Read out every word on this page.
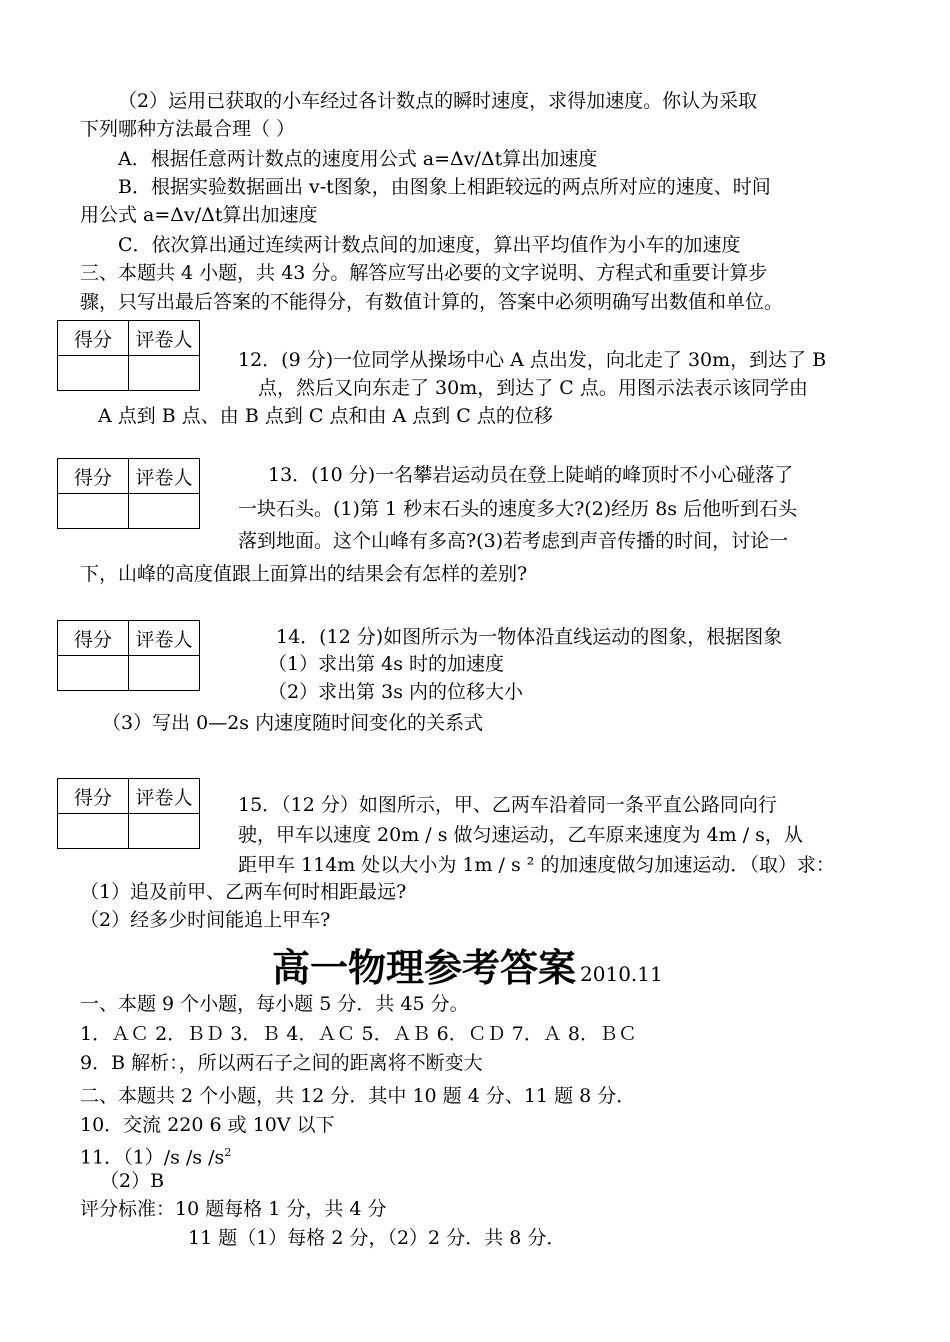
（2）运用已获取的小车经过各计数点的瞬时速度，求得加速度。你认为采取
下列哪种方法最合理（ ）
A．根据任意两计数点的速度用公式 a=Δv/Δt算出加速度
B．根据实验数据画出 v-t图象，由图象上相距较远的两点所对应的速度、时间
用公式 a=Δv/Δt算出加速度
C．依次算出通过连续两计数点间的加速度，算出平均值作为小车的加速度
三、本题共 4 小题，共 43 分。解答应写出必要的文字说明、方程式和重要计算步
骤，只写出最后答案的不能得分，有数值计算的，答案中必须明确写出数值和单位。
得分	评卷人

12．(9 分)一位同学从操场中心 A 点出发，向北走了 30m，到达了 B
点，然后又向东走了 30m，到达了 C 点。用图示法表示该同学由
A 点到 B 点、由 B 点到 C 点和由 A 点到 C 点的位移
得分	评卷人
		13．(10 分)一名攀岩运动员在登上陡峭的峰顶时不小心碰落了
一块石头。(1)第 1 秒末石头的速度多大?(2)经历 8s 后他听到石头
落到地面。这个山峰有多高?(3)若考虑到声音传播的时间，讨论一
下，山峰的高度值跟上面算出的结果会有怎样的差别?
得分	评卷人
		14．(12 分)如图所示为一物体沿直线运动的图象，根据图象
（1）求出第 4s 时的加速度
（2）求出第 3s 内的位移大小
（3）写出 0—2s 内速度随时间变化的关系式
得分	评卷人
	15．（12 分）如图所示，甲、乙两车沿着同一条平直公路同向行
驶，甲车以速度 20m / s 做匀速运动，乙车原来速度为 4m / s，从
距甲车 114m 处以大小为 1m / s ² 的加速度做匀加速运动．（取）求：
（1）追及前甲、乙两车何时相距最远?
（2）经多少时间能追上甲车?
高一物理参考答案 2010.11
一、本题 9 个小题，每小题 5 分．共 45 分。
1．ＡＣ 2．ＢＤ 3．Ｂ 4．ＡＣ 5．ＡＢ 6．ＣＤ 7．Ａ 8．ＢＣ
9．B 解析：，所以两石子之间的距离将不断变大
二、本题共 2 个小题，共 12 分．其中 10 题 4 分、11 题 8 分．
10．交流 220 6 或 10V 以下
11．（1）/s /s $/s^2$
（2）B
评分标准：10 题每格 1 分，共 4 分
11 题（1）每格 2 分，（2）2 分．共 8 分．
